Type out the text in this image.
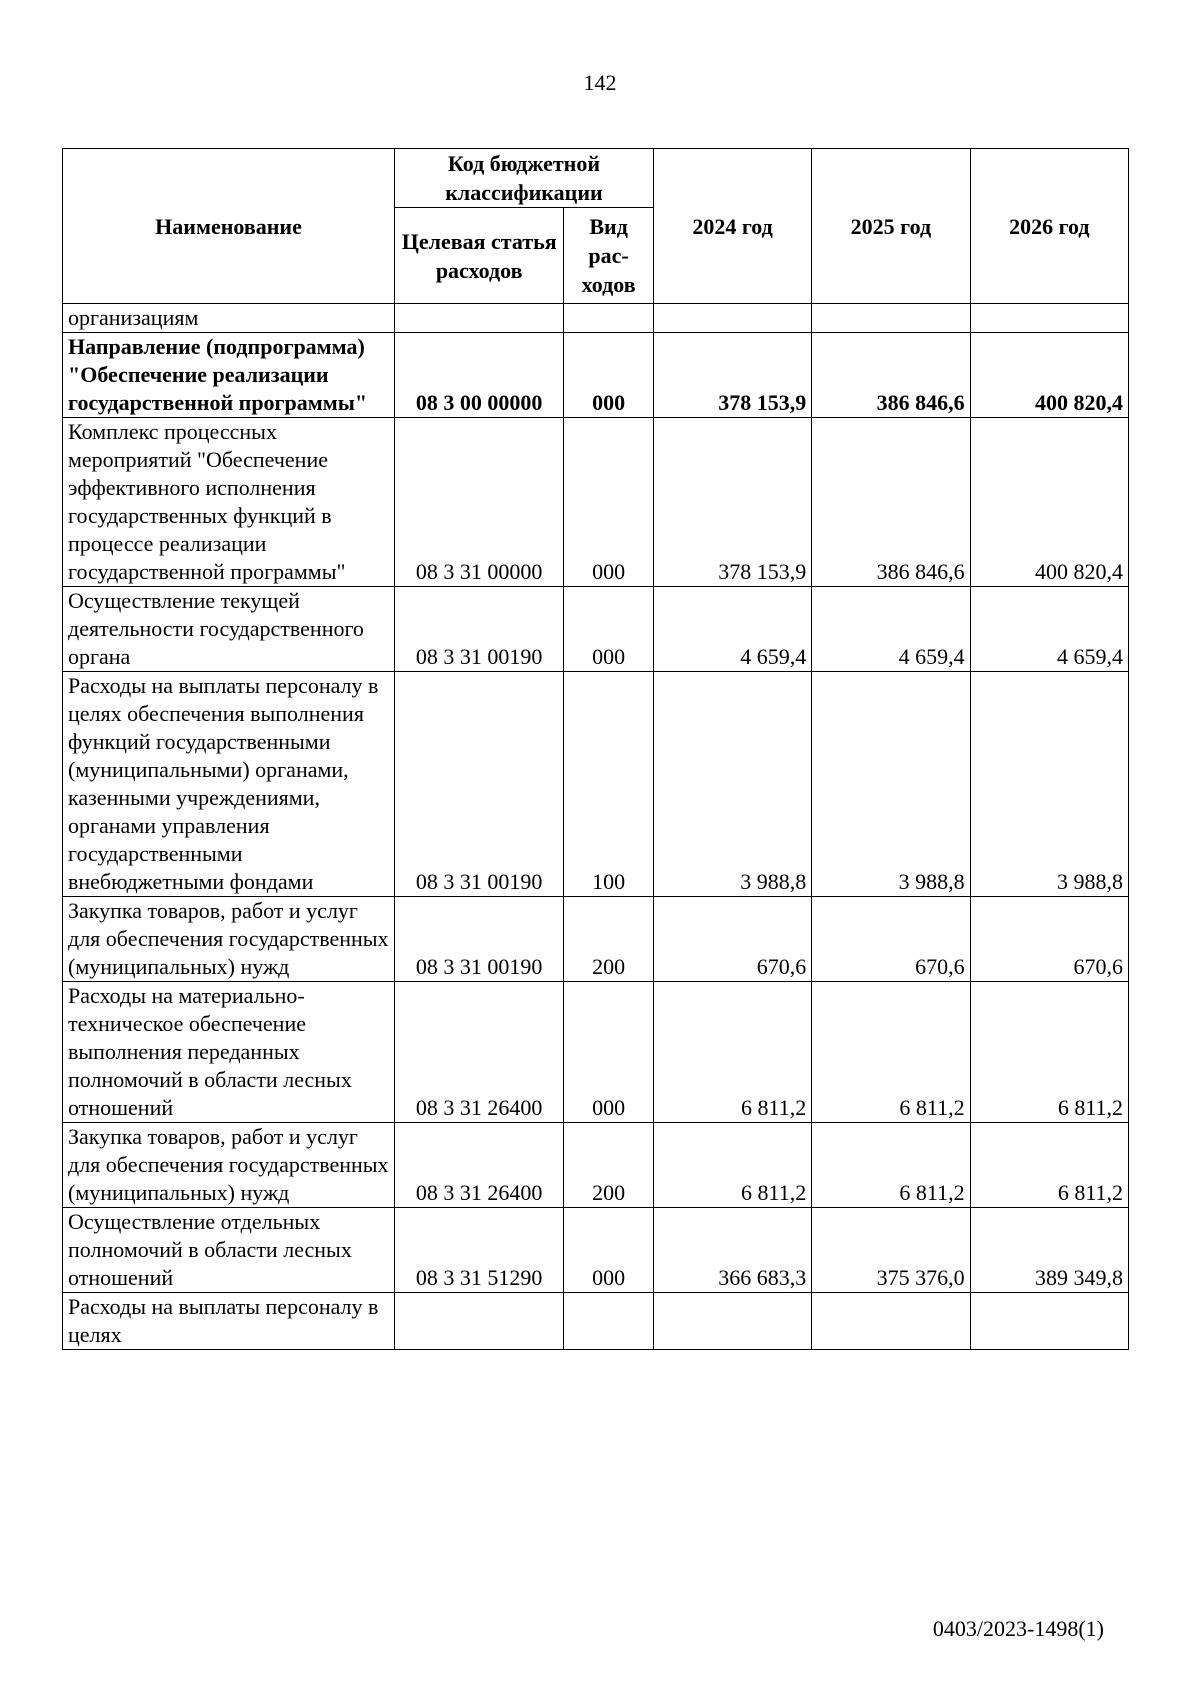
142
Наименование	Код бюджетной классификации		2024 год	2025 год	2026 год
	Целевая статья расходов	Вид рас-ходов			
организациям					
Направление (подпрограмма) "Обеспечение реализации государственной программы"	08 3 00 00000	000	378 153,9	386 846,6	400 820,4
Комплекс процессных мероприятий "Обеспечение эффективного исполнения государственных функций в процессе реализации государственной программы"	08 3 31 00000	000	378 153,9	386 846,6	400 820,4
Осуществление текущей деятельности государственного органа	08 3 31 00190	000	4 659,4	4 659,4	4 659,4
Расходы на выплаты персоналу в целях обеспечения выполнения функций государственными (муниципальными) органами, казенными учреждениями, органами управления государственными внебюджетными фондами	08 3 31 00190	100	3 988,8	3 988,8	3 988,8
Закупка товаров, работ и услуг для обеспечения государственных (муниципальных) нужд	08 3 31 00190	200	670,6	670,6	670,6
Расходы на материально-техническое обеспечение выполнения переданных полномочий в области лесных отношений	08 3 31 26400	000	6 811,2	6 811,2	6 811,2
Закупка товаров, работ и услуг для обеспечения государственных (муниципальных) нужд	08 3 31 26400	200	6 811,2	6 811,2	6 811,2
Осуществление отдельных полномочий в области лесных отношений	08 3 31 51290	000	366 683,3	375 376,0	389 349,8
Расходы на выплаты персоналу в целях					
0403/2023-1498(1)
